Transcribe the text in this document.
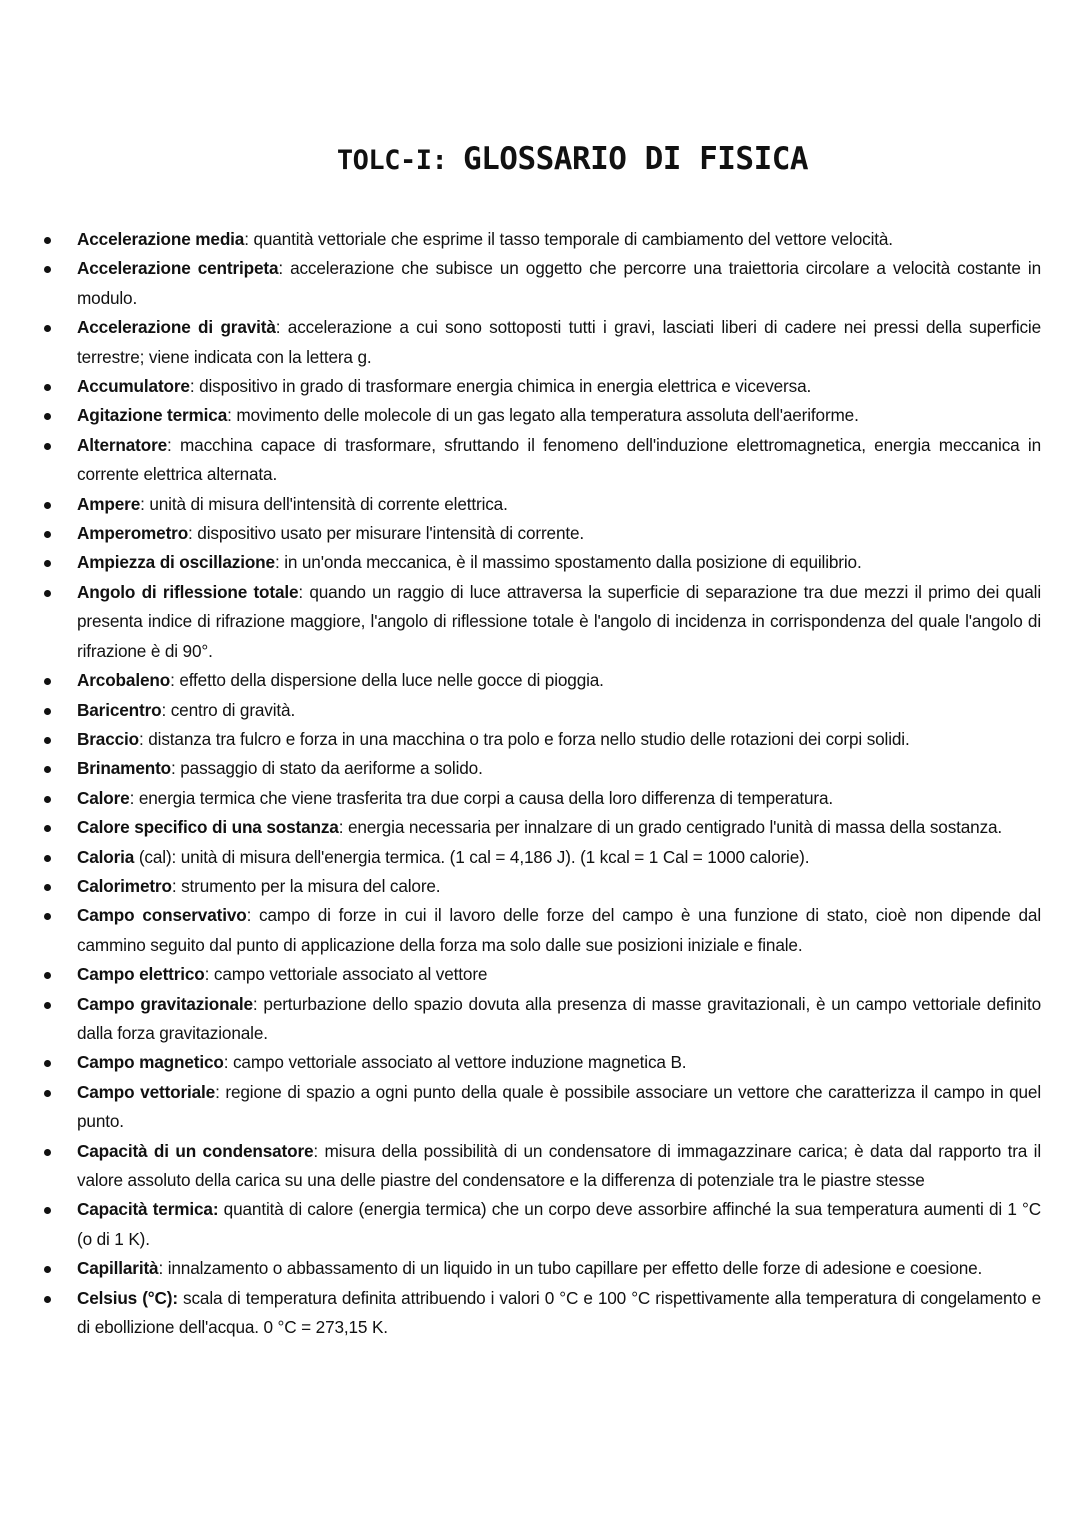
TOLC-I: GLOSSARIO DI FISICA
Accelerazione media: quantità vettoriale che esprime il tasso temporale di cambiamento del vettore velocità.
Accelerazione centripeta: accelerazione che subisce un oggetto che percorre una traiettoria circolare a velocità costante in modulo.
Accelerazione di gravità: accelerazione a cui sono sottoposti tutti i gravi, lasciati liberi di cadere nei pressi della superficie terrestre; viene indicata con la lettera g.
Accumulatore: dispositivo in grado di trasformare energia chimica in energia elettrica e viceversa.
Agitazione termica: movimento delle molecole di un gas legato alla temperatura assoluta dell'aeriforme.
Alternatore: macchina capace di trasformare, sfruttando il fenomeno dell'induzione elettromagnetica, energia meccanica in corrente elettrica alternata.
Ampere: unità di misura dell'intensità di corrente elettrica.
Amperometro: dispositivo usato per misurare l'intensità di corrente.
Ampiezza di oscillazione: in un'onda meccanica, è il massimo spostamento dalla posizione di equilibrio.
Angolo di riflessione totale: quando un raggio di luce attraversa la superficie di separazione tra due mezzi il primo dei quali presenta indice di rifrazione maggiore, l'angolo di riflessione totale è l'angolo di incidenza in corrispondenza del quale l'angolo di rifrazione è di 90°.
Arcobaleno: effetto della dispersione della luce nelle gocce di pioggia.
Baricentro: centro di gravità.
Braccio: distanza tra fulcro e forza in una macchina o tra polo e forza nello studio delle rotazioni dei corpi solidi.
Brinamento: passaggio di stato da aeriforme a solido.
Calore: energia termica che viene trasferita tra due corpi a causa della loro differenza di temperatura.
Calore specifico di una sostanza: energia necessaria per innalzare di un grado centigrado l'unità di massa della sostanza.
Caloria (cal): unità di misura dell'energia termica. (1 cal = 4,186 J). (1 kcal = 1 Cal = 1000 calorie).
Calorimetro: strumento per la misura del calore.
Campo conservativo: campo di forze in cui il lavoro delle forze del campo è una funzione di stato, cioè non dipende dal cammino seguito dal punto di applicazione della forza ma solo dalle sue posizioni iniziale e finale.
Campo elettrico: campo vettoriale associato al vettore
Campo gravitazionale: perturbazione dello spazio dovuta alla presenza di masse gravitazionali, è un campo vettoriale definito dalla forza gravitazionale.
Campo magnetico: campo vettoriale associato al vettore induzione magnetica B.
Campo vettoriale: regione di spazio a ogni punto della quale è possibile associare un vettore che caratterizza il campo in quel punto.
Capacità di un condensatore: misura della possibilità di un condensatore di immagazzinare carica; è data dal rapporto tra il valore assoluto della carica su una delle piastre del condensatore e la differenza di potenziale tra le piastre stesse
Capacità termica: quantità di calore (energia termica) che un corpo deve assorbire affinché la sua temperatura aumenti di 1 °C (o di 1 K).
Capillarità: innalzamento o abbassamento di un liquido in un tubo capillare per effetto delle forze di adesione e coesione.
Celsius (°C): scala di temperatura definita attribuendo i valori 0 °C e 100 °C rispettivamente alla temperatura di congelamento e di ebollizione dell'acqua. 0 °C = 273,15 K.
